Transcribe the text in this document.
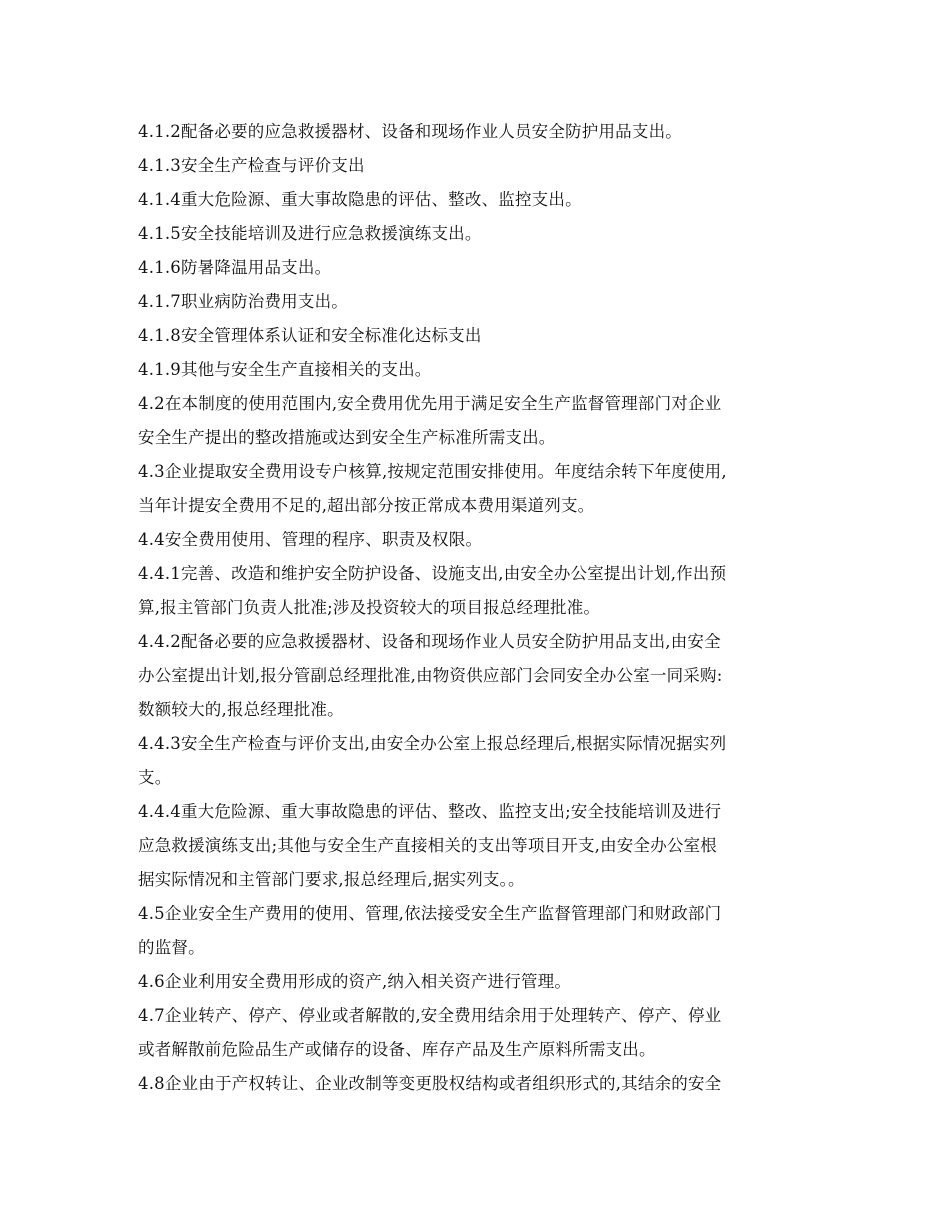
4.1.2配备必要的应急救援器材、设备和现场作业人员安全防护用品支出。

4.1.3安全生产检查与评价支出

4.1.4重大危险源、重大事故隐患的评估、整改、监控支出。

4.1.5安全技能培训及进行应急救援演练支出。

4.1.6防暑降温用品支出。

4.1.7职业病防治费用支出。

4.1.8安全管理体系认证和安全标准化达标支出

4.1.9其他与安全生产直接相关的支出。

4.2在本制度的使用范围内,安全费用优先用于满足安全生产监督管理部门对企业
安全生产提出的整改措施或达到安全生产标准所需支出。

4.3企业提取安全费用设专户核算,按规定范围安排使用。年度结余转下年度使用,
当年计提安全费用不足的,超出部分按正常成本费用渠道列支。

4.4安全费用使用、管理的程序、职责及权限。

4.4.1完善、改造和维护安全防护设备、设施支出,由安全办公室提出计划,作出预
算,报主管部门负责人批准;涉及投资较大的项目报总经理批准。

4.4.2配备必要的应急救援器材、设备和现场作业人员安全防护用品支出,由安全
办公室提出计划,报分管副总经理批准,由物资供应部门会同安全办公室一同采购:
数额较大的,报总经理批准。

4.4.3安全生产检查与评价支出,由安全办公室上报总经理后,根据实际情况据实列
支。

4.4.4重大危险源、重大事故隐患的评估、整改、监控支出;安全技能培训及进行
应急救援演练支出;其他与安全生产直接相关的支出等项目开支,由安全办公室根
据实际情况和主管部门要求,报总经理后,据实列支。。

4.5企业安全生产费用的使用、管理,依法接受安全生产监督管理部门和财政部门
的监督。

4.6企业利用安全费用形成的资产,纳入相关资产进行管理。

4.7企业转产、停产、停业或者解散的,安全费用结余用于处理转产、停产、停业
或者解散前危险品生产或储存的设备、库存产品及生产原料所需支出。

4.8企业由于产权转让、企业改制等变更股权结构或者组织形式的,其结余的安全
